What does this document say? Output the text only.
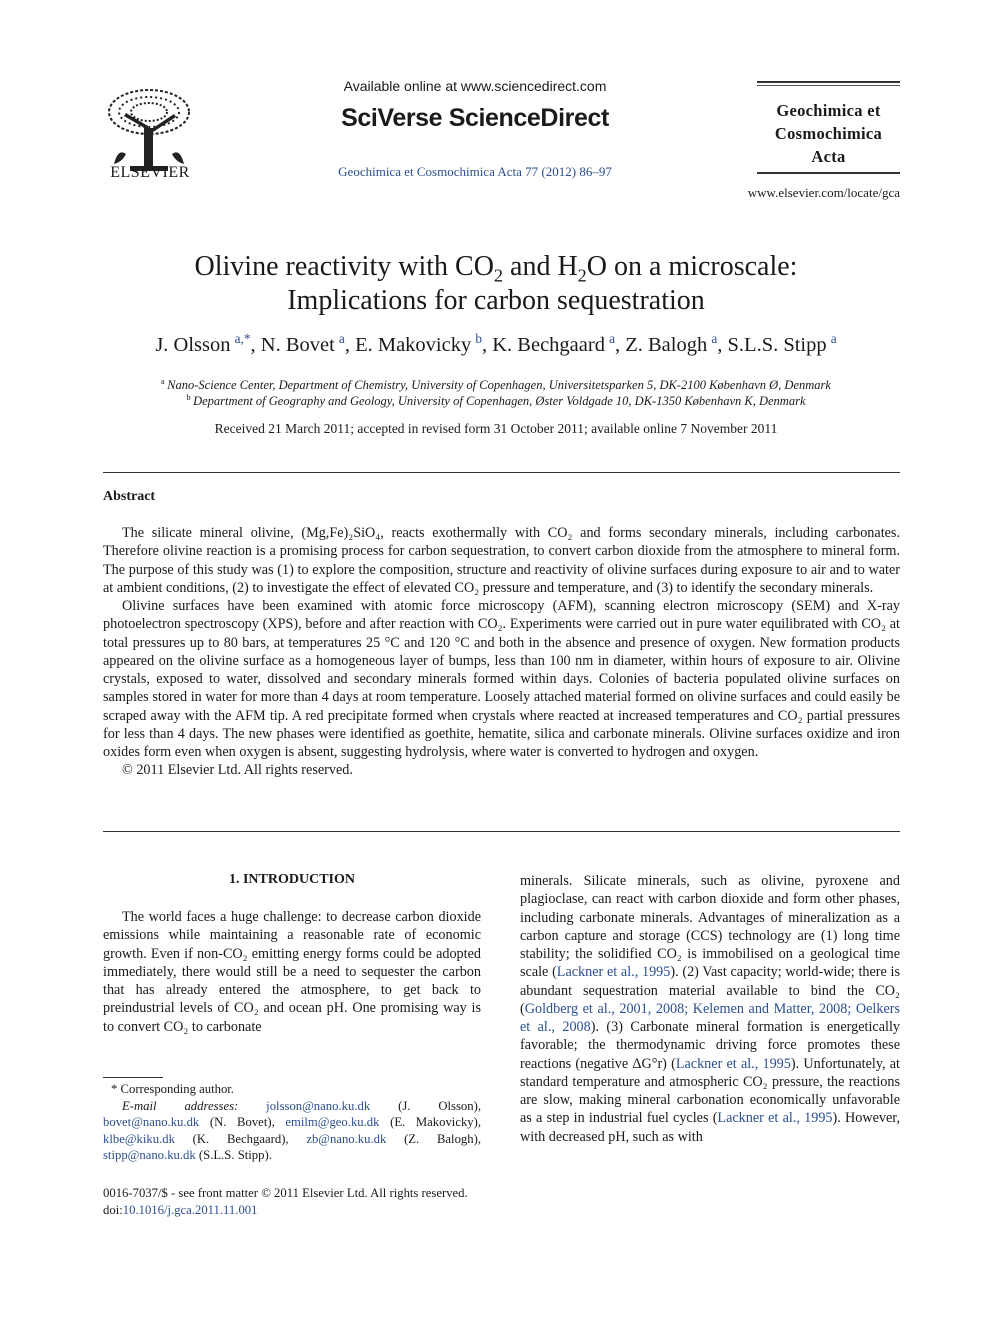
ELSEVIER
Available online at www.sciencedirect.com
SciVerse ScienceDirect
Geochimica et Cosmochimica Acta 77 (2012) 86–97
Geochimica et
Cosmochimica
Acta
www.elsevier.com/locate/gca
Olivine reactivity with $CO_2$ and $H_2O$ on a microscale:
Implications for carbon sequestration
J. Olsson  $^{a,*}$, N. Bovet  $^a$, E. Makovicky  $^b$, K. Bechgaard  $^a$, Z. Balogh  $^a$, S.L.S. Stipp  $^a$
$^a$  Nano-Science Center, Department of Chemistry, University of Copenhagen, Universitetsparken 5, DK-2100 København Ø, Denmark
$^b$  Department of Geography and Geology, University of Copenhagen, Øster Voldgade 10, DK-1350 København K, Denmark
Received 21 March 2011; accepted in revised form 31 October 2011; available online 7 November 2011
Abstract

The silicate mineral olivine, (Mg,Fe)₂SiO₄, reacts exothermally with CO₂ and forms secondary minerals, including carbonates. Therefore olivine reaction is a promising process for carbon sequestration, to convert carbon dioxide from the atmosphere to mineral form. The purpose of this study was (1) to explore the composition, structure and reactivity of olivine surfaces during exposure to air and to water at ambient conditions, (2) to investigate the effect of elevated CO₂ pressure and temperature, and (3) to identify the secondary minerals.

Olivine surfaces have been examined with atomic force microscopy (AFM), scanning electron microscopy (SEM) and X-ray photoelectron spectroscopy (XPS), before and after reaction with CO₂. Experiments were carried out in pure water equilibrated with CO₂ at total pressures up to 80 bars, at temperatures 25 °C and 120 °C and both in the absence and presence of oxygen. New formation products appeared on the olivine surface as a homogeneous layer of bumps, less than 100 nm in diameter, within hours of exposure to air. Olivine crystals, exposed to water, dissolved and secondary minerals formed within days. Colonies of bacteria populated olivine surfaces on samples stored in water for more than 4 days at room temperature. Loosely attached material formed on olivine surfaces and could easily be scraped away with the AFM tip. A red precipitate formed when crystals where reacted at increased temperatures and CO₂ partial pressures for less than 4 days. The new phases were identified as goethite, hematite, silica and carbonate minerals. Olivine surfaces oxidize and iron oxides form even when oxygen is absent, suggesting hydrolysis, where water is converted to hydrogen and oxygen.

© 2011 Elsevier Ltd. All rights reserved.

1. INTRODUCTION

The world faces a huge challenge: to decrease carbon dioxide emissions while maintaining a reasonable rate of economic growth. Even if non-CO₂ emitting energy forms could be adopted immediately, there would still be a need to sequester the carbon that has already entered the atmosphere, to get back to preindustrial levels of CO₂ and ocean pH. One promising way is to convert CO₂ to carbonate

minerals. Silicate minerals, such as olivine, pyroxene and plagioclase, can react with carbon dioxide and form other phases, including carbonate minerals. Advantages of mineralization as a carbon capture and storage (CCS) technology are (1) long time stability; the solidified CO₂ is immobilised on a geological time scale (Lackner et al., 1995). (2) Vast capacity; world-wide; there is abundant sequestration material available to bind the CO₂ (Goldberg et al., 2001, 2008; Kelemen and Matter, 2008; Oelkers et al., 2008). (3) Carbonate mineral formation is energetically favorable; the thermodynamic driving force promotes these reactions (negative ΔG°r) (Lackner et al., 1995). Unfortunately, at standard temperature and atmospheric CO₂ pressure, the reactions are slow, making mineral carbonation economically unfavorable as a step in industrial fuel cycles (Lackner et al., 1995). However, with decreased pH, such as with

* Corresponding author.

E-mail addresses: jolsson@nano.ku.dk (J. Olsson), bovet@nano.ku.dk (N. Bovet), emilm@geo.ku.dk (E. Makovicky), klbe@kiku.dk (K. Bechgaard), zb@nano.ku.dk (Z. Balogh), stipp@nano.ku.dk (S.L.S. Stipp).

0016-7037/$ - see front matter © 2011 Elsevier Ltd. All rights reserved.
doi:10.1016/j.gca.2011.11.001
